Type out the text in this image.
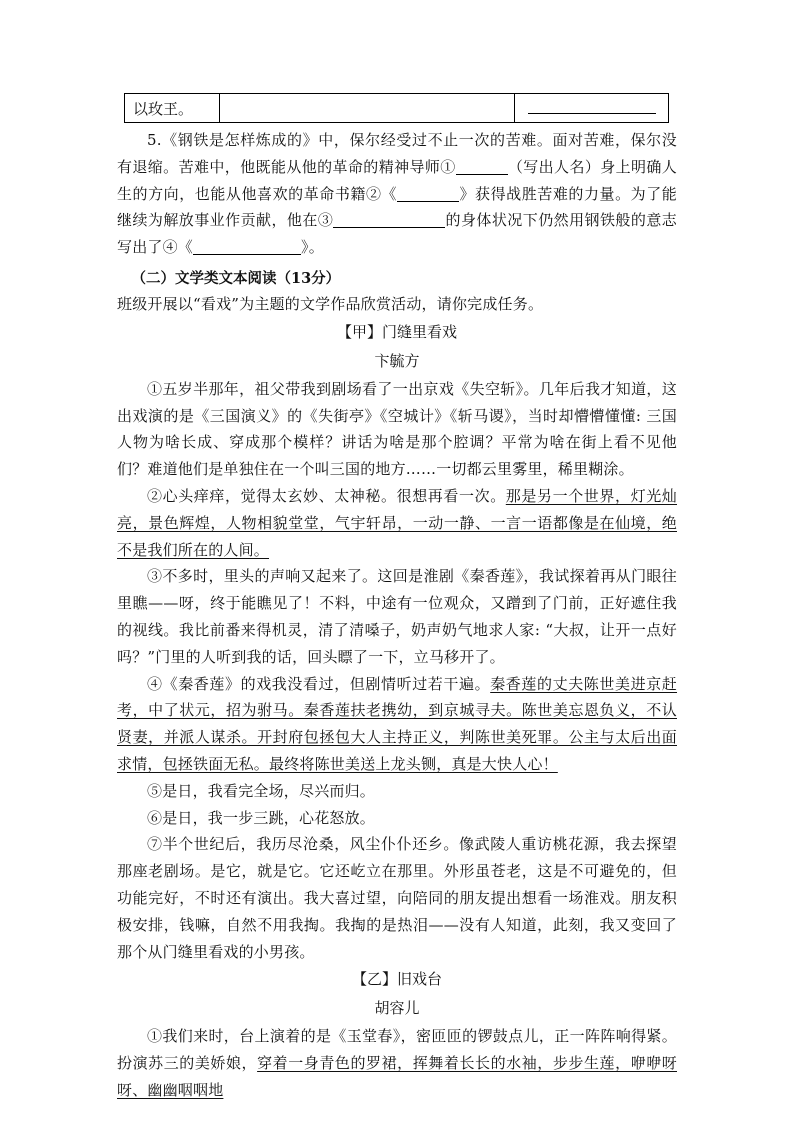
以玫玊。		

5.《钢铁是怎样炼成的》中，保尔经受过不止一次的苦难。面对苦难，保尔没有退缩。苦难中，他既能从他的革命的精神导师①	（写出人名）身上明确人生的方向，也能从他喜欢的革命书籍②《	》获得战胜苦难的力量。为了能继续为解放事业作贡献，他在③	的身体状况下仍然用钢铁般的意志写出了④《	》。

（二）文学类文本阅读（13分）

班级开展以“看戏”为主题的文学作品欣赏活动，请你完成任务。

【甲】门缝里看戏

卞毓方

①五岁半那年，祖父带我到剧场看了一出京戏《失空斩》。几年后我才知道，这出戏演的是《三国演义》的《失街亭》《空城计》《斩马谡》，当时却懵懵懂懂: 三国人物为啥长成、穿成那个模样？讲话为啥是那个腔调？平常为啥在街上看不见他们？难道他们是单独住在一个叫三国的地方……一切都云里雾里，稀里糊涂。

②心头痒痒，觉得太玄妙、太神秘。很想再看一次。那是另一个世界，灯光灿亮，景色辉煌，人物相貌堂堂，气宇轩昂，一动一静、一言一语都像是在仙境，绝不是我们所在的人间。

③不多时，里头的声响又起来了。这回是淮剧《秦香莲》，我试探着再从门眼往里瞧——呀，终于能瞧见了！不料，中途有一位观众，又蹭到了门前，正好遮住我的视线。我比前番来得机灵，清了清嗓子，奶声奶气地求人家: “大叔，让开一点好吗？”门里的人听到我的话，回头瞟了一下，立马移开了。

④《秦香莲》的戏我没看过，但剧情听过若干遍。秦香莲的丈夫陈世美进京赶考，中了状元，招为驸马。秦香莲扶老携幼，到京城寻夫。陈世美忘恩负义，不认贤妻，并派人谋杀。开封府包拯包大人主持正义，判陈世美死罪。公主与太后出面求情，包拯铁面无私。最终将陈世美送上龙头铡，真是大快人心！

⑤是日，我看完全场，尽兴而归。

⑥是日，我一步三跳，心花怒放。

⑦半个世纪后，我历尽沧桑，风尘仆仆还乡。像武陵人重访桃花源，我去探望那座老剧场。是它，就是它。它还屹立在那里。外形虽苍老，这是不可避免的，但功能完好，不时还有演出。我大喜过望，向陪同的朋友提出想看一场淮戏。朋友积极安排，钱嘛，自然不用我掏。我掏的是热泪——没有人知道，此刻，我又变回了那个从门缝里看戏的小男孩。

【乙】旧戏台

胡容儿

①我们来时，台上演着的是《玉堂春》，密匝匝的锣鼓点儿，正一阵阵响得紧。扮演苏三的美娇娘，穿着一身青色的罗裙，挥舞着长长的水袖，步步生莲，咿咿呀呀、幽幽咽咽地
